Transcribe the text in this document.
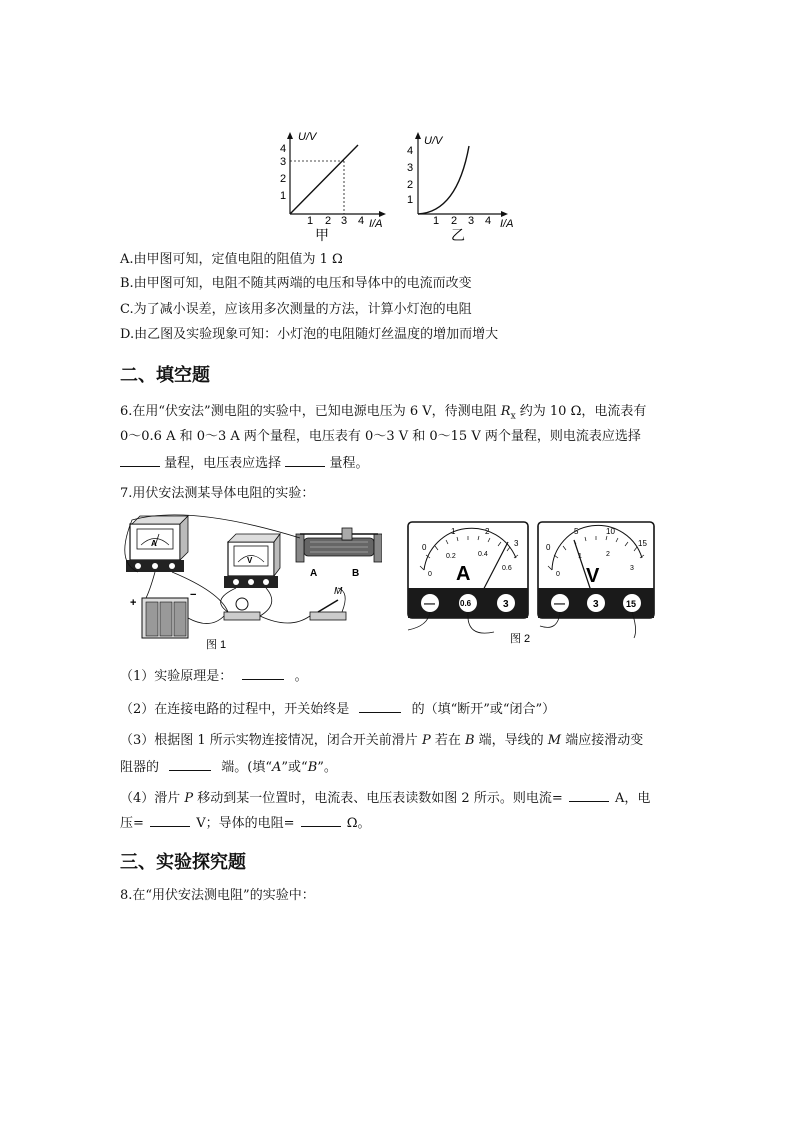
U/V
I/A
4
3
2
1
1 2 3 4
甲
U/V
I/A
4
3
2
1
1 2 3 4
乙
A.由甲图可知，定值电阻的阻值为 1 Ω
B.由甲图可知，电阻不随其两端的电压和导体中的电流而改变
C.为了减小误差，应该用多次测量的方法，计算小灯泡的电阻
D.由乙图及实验现象可知：小灯泡的电阻随灯丝温度的增加而增大
二、填空题
6.在用“伏安法”测电阻的实验中，已知电源电压为 6 V，待测电阻 $R_x$ 约为 10 Ω，电流表有
0～0.6 A 和 0～3 A 两个量程，电压表有 0～3 V 和 0～15 V 两个量程，则电流表应选择
量程，电压表应选择	量程。
7.用伏安法测某导体电阻的实验：
A
V
A	B
+
−	M
图 1
0
1	2
3
0
0.2	0.4
0.6
A
—	0.6	3
0
5	10
15
0
1	2
3
V
—	3	15
图 2
（1）实验原理是：	。
（2）在连接电路的过程中，开关始终是	的（填“断开”或“闭合”）
（3）根据图 1 所示实物连接情况，闭合开关前滑片 P 若在 B 端，导线的 M 端应接滑动变
阻器的	端。(填“A”或“B”。
（4）滑片 P 移动到某一位置时，电流表、电压表读数如图 2 所示。则电流=	A，电
压=	V；导体的电阻=	Ω。
三、实验探究题
8.在“用伏安法测电阻”的实验中：
